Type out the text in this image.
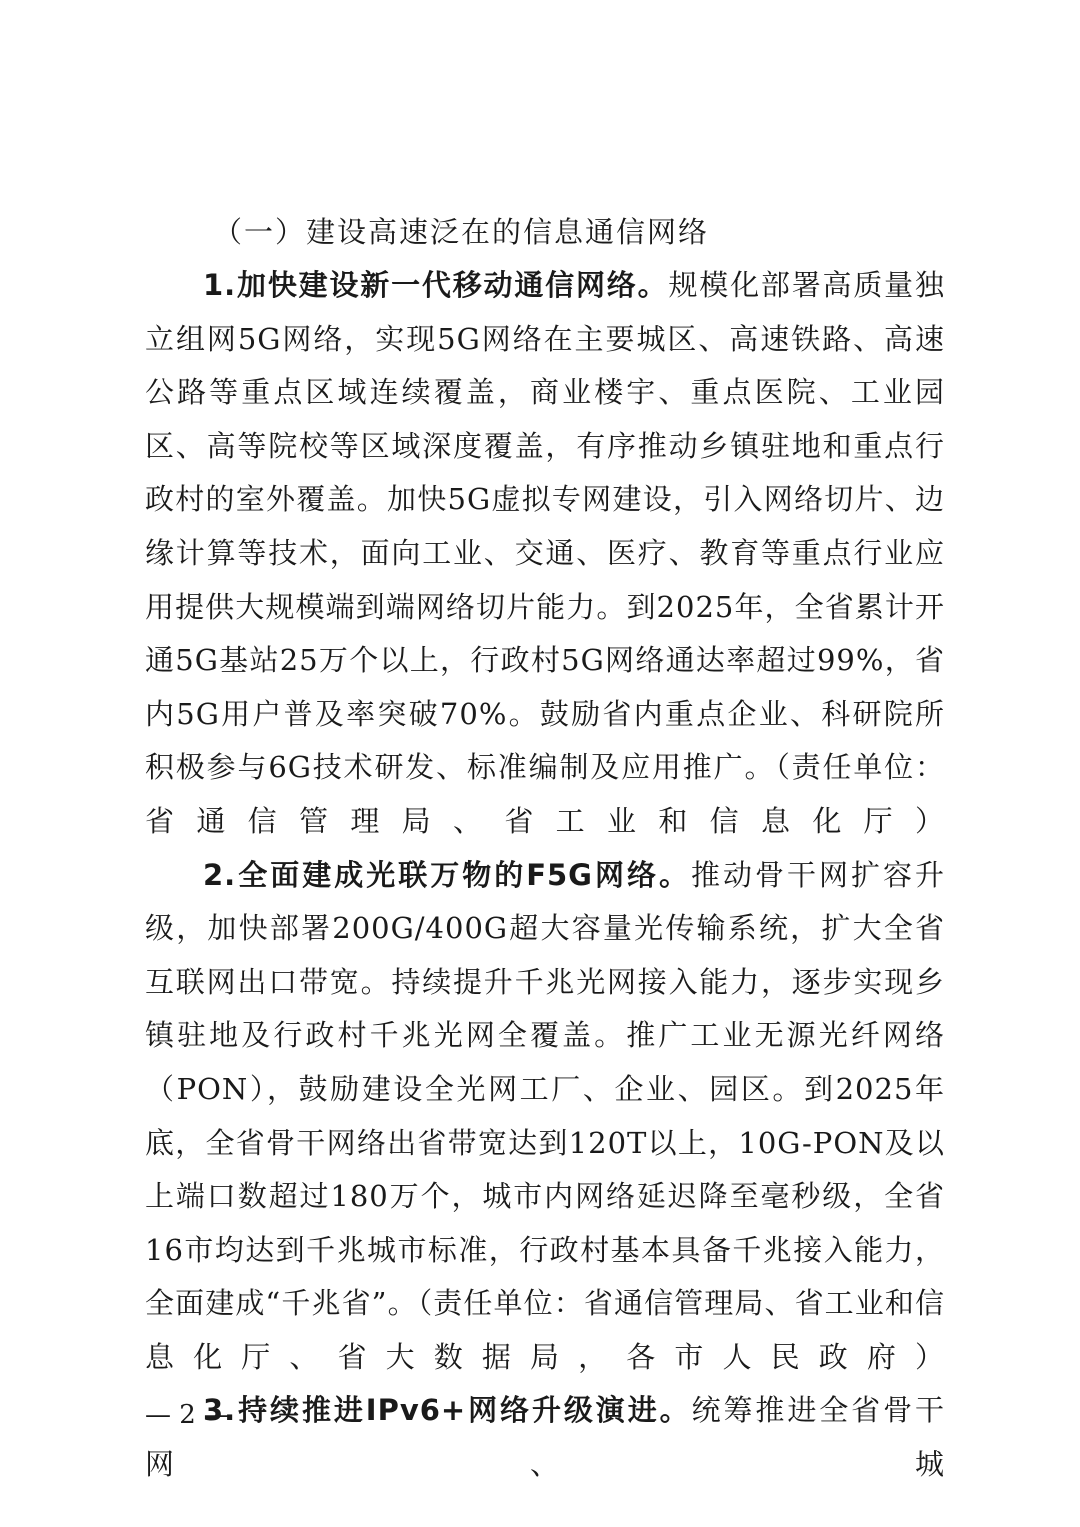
（一）建设高速泛在的信息通信网络

1.加快建设新一代移动通信网络。规模化部署高质量独立组网5G网络，实现5G网络在主要城区、高速铁路、高速公路等重点区域连续覆盖，商业楼宇、重点医院、工业园区、高等院校等区域深度覆盖，有序推动乡镇驻地和重点行政村的室外覆盖。加快5G虚拟专网建设，引入网络切片、边缘计算等技术，面向工业、交通、医疗、教育等重点行业应用提供大规模端到端网络切片能力。到2025年，全省累计开通5G基站25万个以上，行政村5G网络通达率超过99%，省内5G用户普及率突破70%。鼓励省内重点企业、科研院所积极参与6G技术研发、标准编制及应用推广。（责任单位：省通信管理局、省工业和信息化厅）

2.全面建成光联万物的F5G网络。推动骨干网扩容升级，加快部署200G/400G超大容量光传输系统，扩大全省互联网出口带宽。持续提升千兆光网接入能力，逐步实现乡镇驻地及行政村千兆光网全覆盖。推广工业无源光纤网络（PON），鼓励建设全光网工厂、企业、园区。到2025年底，全省骨干网络出省带宽达到120T以上，10G-PON及以上端口数超过180万个，城市内网络延迟降至毫秒级，全省16市均达到千兆城市标准，行政村基本具备千兆接入能力，全面建成“千兆省”。（责任单位：省通信管理局、省工业和信息化厅、省大数据局，各市人民政府）

3.持续推进IPv6+网络升级演进。统筹推进全省骨干网、城

— 2 —
